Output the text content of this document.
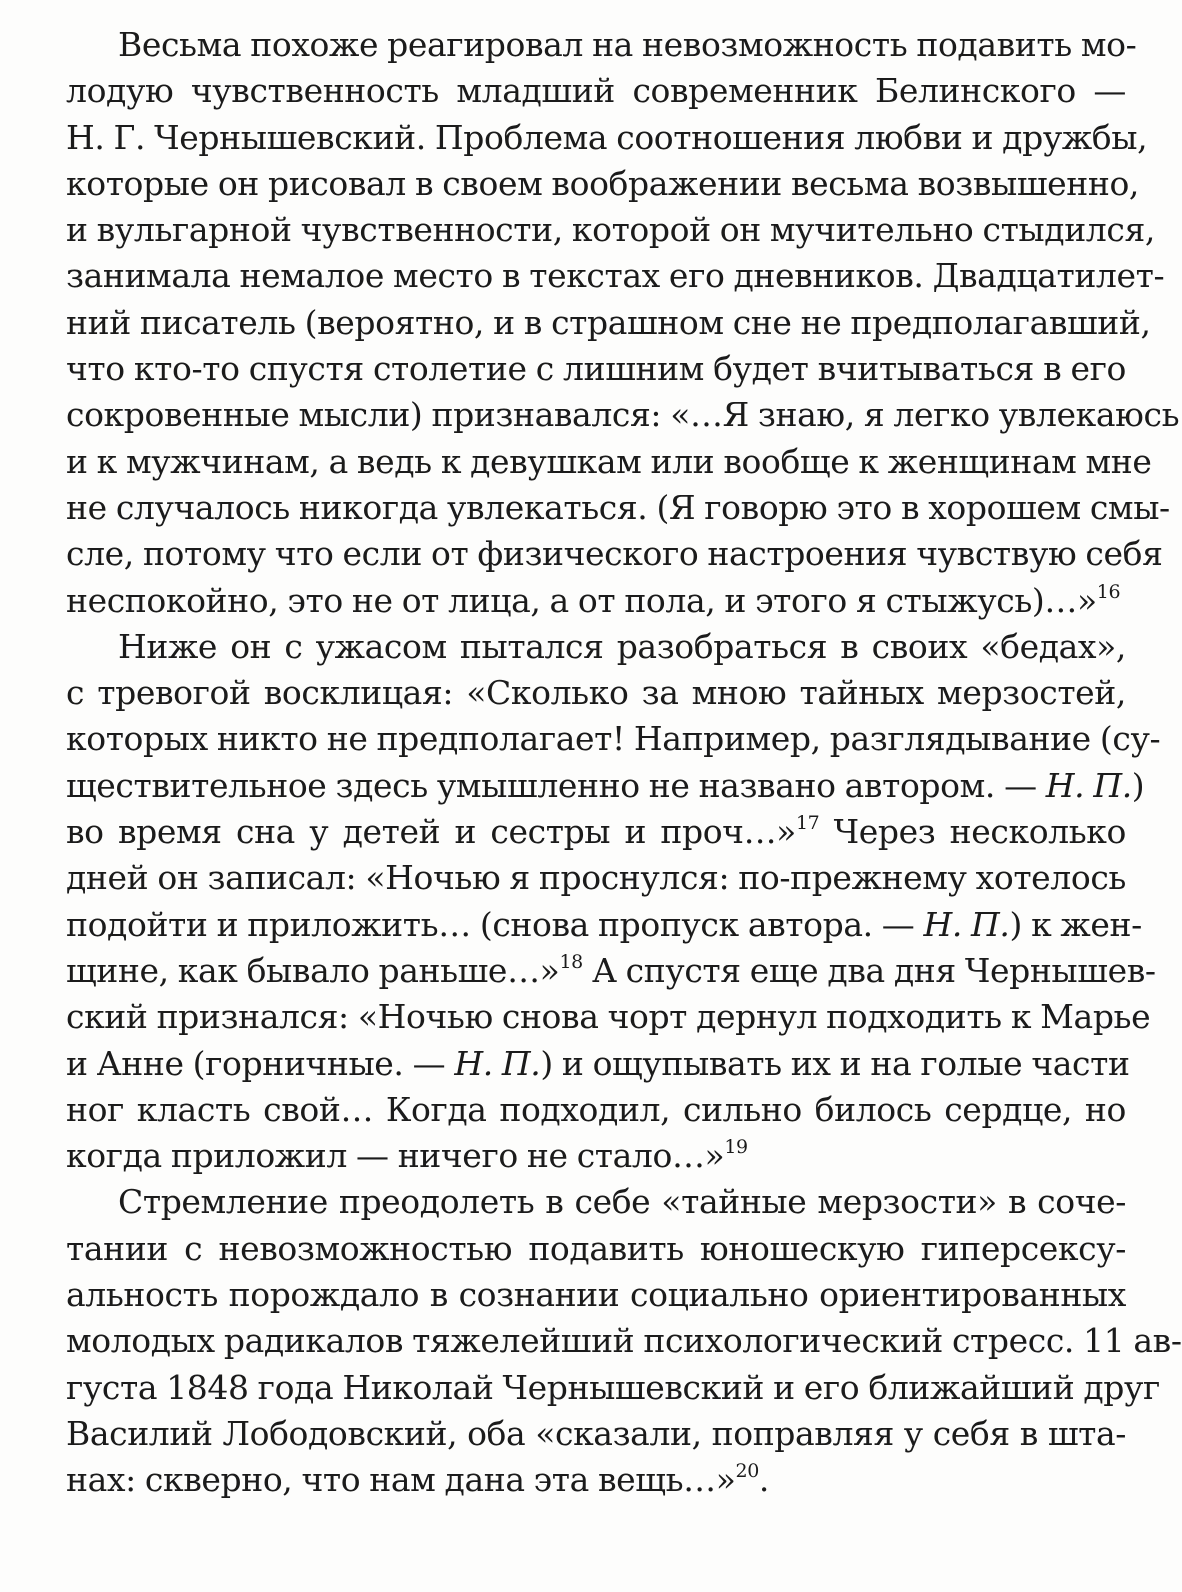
Весьма похоже реагировал на невозможность подавить мо-
лодую чувственность младший современник Белинского —
Н. Г. Чернышевский. Проблема соотношения любви и дружбы,
которые он рисовал в своем воображении весьма возвышенно,
и вульгарной чувственности, которой он мучительно стыдился,
занимала немалое место в текстах его дневников. Двадцатилет-
ний писатель (вероятно, и в страшном сне не предполагавший,
что кто-то спустя столетие с лишним будет вчитываться в его
сокровенные мысли) признавался: «…Я знаю, я легко увлекаюсь
и к мужчинам, а ведь к девушкам или вообще к женщинам мне
не случалось никогда увлекаться. (Я говорю это в хорошем смы-
сле, потому что если от физического настроения чувствую себя
неспокойно, это не от лица, а от пола, и этого я стыжусь)…»$^{16}$
Ниже он с ужасом пытался разобраться в своих «бедах»,
с тревогой восклицая: «Сколько за мною тайных мерзостей,
которых никто не предполагает! Например, разглядывание (су-
ществительное здесь умышленно не названо автором. — Н. П.)
во время сна у детей и сестры и проч…»$^{17}$ Через несколько
дней он записал: «Ночью я проснулся: по-прежнему хотелось
подойти и приложить… (снова пропуск автора. — Н. П.) к жен-
щине, как бывало раньше…»$^{18}$ А спустя еще два дня Чернышев-
ский признался: «Ночью снова чорт дернул подходить к Марье
и Анне (горничные. — Н. П.) и ощупывать их и на голые части
ног класть свой… Когда подходил, сильно билось сердце, но
когда приложил — ничего не стало…»$^{19}$
Стремление преодолеть в себе «тайные мерзости» в соче-
тании с невозможностью подавить юношескую гиперсексу-
альность порождало в сознании социально ориентированных
молодых радикалов тяжелейший психологический стресс. 11 ав-
густа 1848 года Николай Чернышевский и его ближайший друг
Василий Лободовский, оба «сказали, поправляя у себя в шта-
нах: скверно, что нам дана эта вещь…»$^{20}$.
